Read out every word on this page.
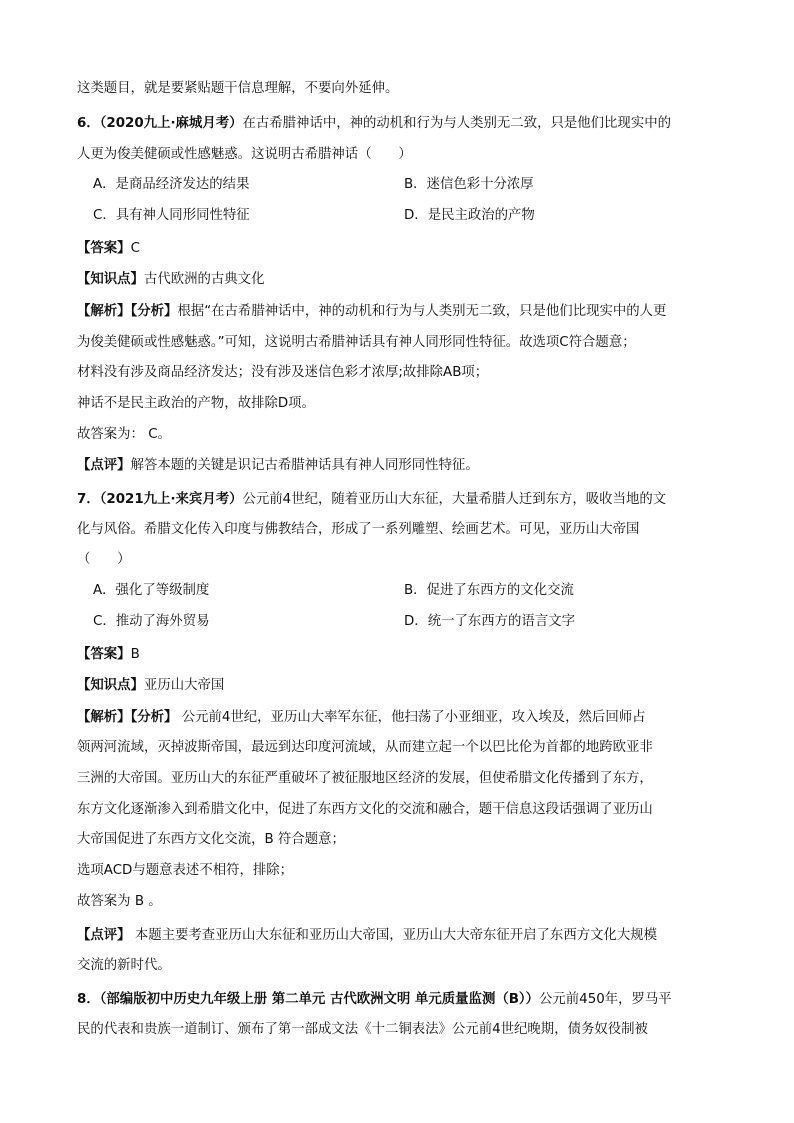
这类题目，就是要紧贴题干信息理解，不要向外延伸。
6．（2020九上·麻城月考）在古希腊神话中，神的动机和行为与人类别无二致，只是他们比现实中的
人更为俊美健硕或性感魅惑。这说明古希腊神话（　　）
A．是商品经济发达的结果	B．迷信色彩十分浓厚
C．具有神人同形同性特征	D．是民主政治的产物
【答案】C
【知识点】古代欧洲的古典文化
【解析】【分析】根据“在古希腊神话中，神的动机和行为与人类别无二致，只是他们比现实中的人更
为俊美健硕或性感魅惑。”可知，这说明古希腊神话具有神人同形同性特征。故选项C符合题意；
材料没有涉及商品经济发达；没有涉及迷信色彩才浓厚;故排除AB项；
神话不是民主政治的产物，故排除D项。
故答案为： C。
【点评】解答本题的关键是识记古希腊神话具有神人同形同性特征。
7．（2021九上·来宾月考）公元前4世纪，随着亚历山大东征，大量希腊人迁到东方，吸收当地的文
化与风俗。希腊文化传入印度与佛教结合，形成了一系列雕塑、绘画艺术。可见，亚历山大帝国
（　　）
A．强化了等级制度	B．促进了东西方的文化交流
C．推动了海外贸易	D．统一了东西方的语言文字
【答案】B
【知识点】亚历山大帝国
【解析】【分析】 公元前4世纪，亚历山大率军东征，他扫荡了小亚细亚，攻入埃及，然后回师占
领两河流域，灭掉波斯帝国，最远到达印度河流域，从而建立起一个以巴比伦为首都的地跨欧亚非
三洲的大帝国。亚历山大的东征严重破坏了被征服地区经济的发展，但使希腊文化传播到了东方，
东方文化逐渐渗入到希腊文化中，促进了东西方文化的交流和融合，题干信息这段话强调了亚历山
大帝国促进了东西方文化交流，B 符合题意；
选项ACD与题意表述不相符，排除；
故答案为 B 。
【点评】 本题主要考查亚历山大东征和亚历山大帝国，亚历山大大帝东征开启了东西方文化大规模
交流的新时代。
8．（部编版初中历史九年级上册 第二单元 古代欧洲文明 单元质量监测（B））公元前450年，罗马平
民的代表和贵族一道制订、颁布了第一部成文法《十二铜表法》公元前4世纪晚期，债务奴役制被
